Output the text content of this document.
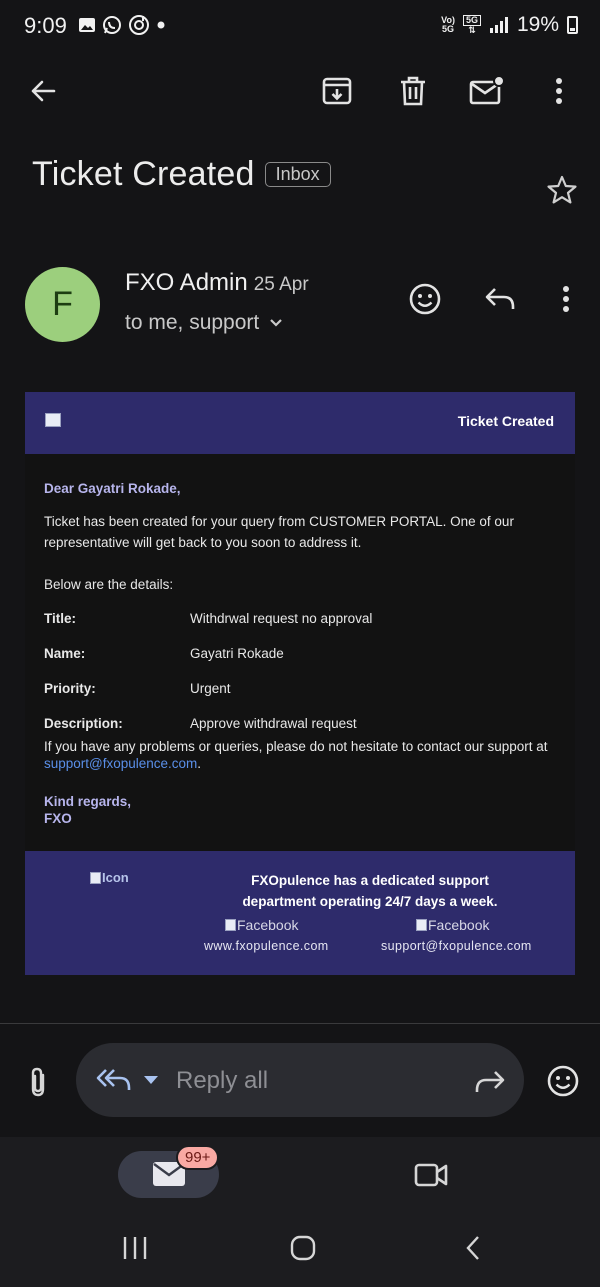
9:09	Vo)
5G
5G
⇅ 19%
Ticket Created	Inbox
F
FXO Admin 25 Apr
to me, support
Ticket Created
Dear Gayatri Rokade,
Ticket has been created for your query from CUSTOMER PORTAL. One of our representative will get back to you soon to address it.
Below are the details:
Title:	Withdrwal request no approval
Name:	Gayatri Rokade
Priority:	Urgent
Description:	Approve withdrawal request
If you have any problems or queries, please do not hesitate to contact our support at support@fxopulence.com.
Kind regards,
FXO
Icon	FXOpulence has a dedicated support department operating 24/7 days a week.
Facebook
www.fxopulence.com
Facebook
support@fxopulence.com
Reply all
99+
